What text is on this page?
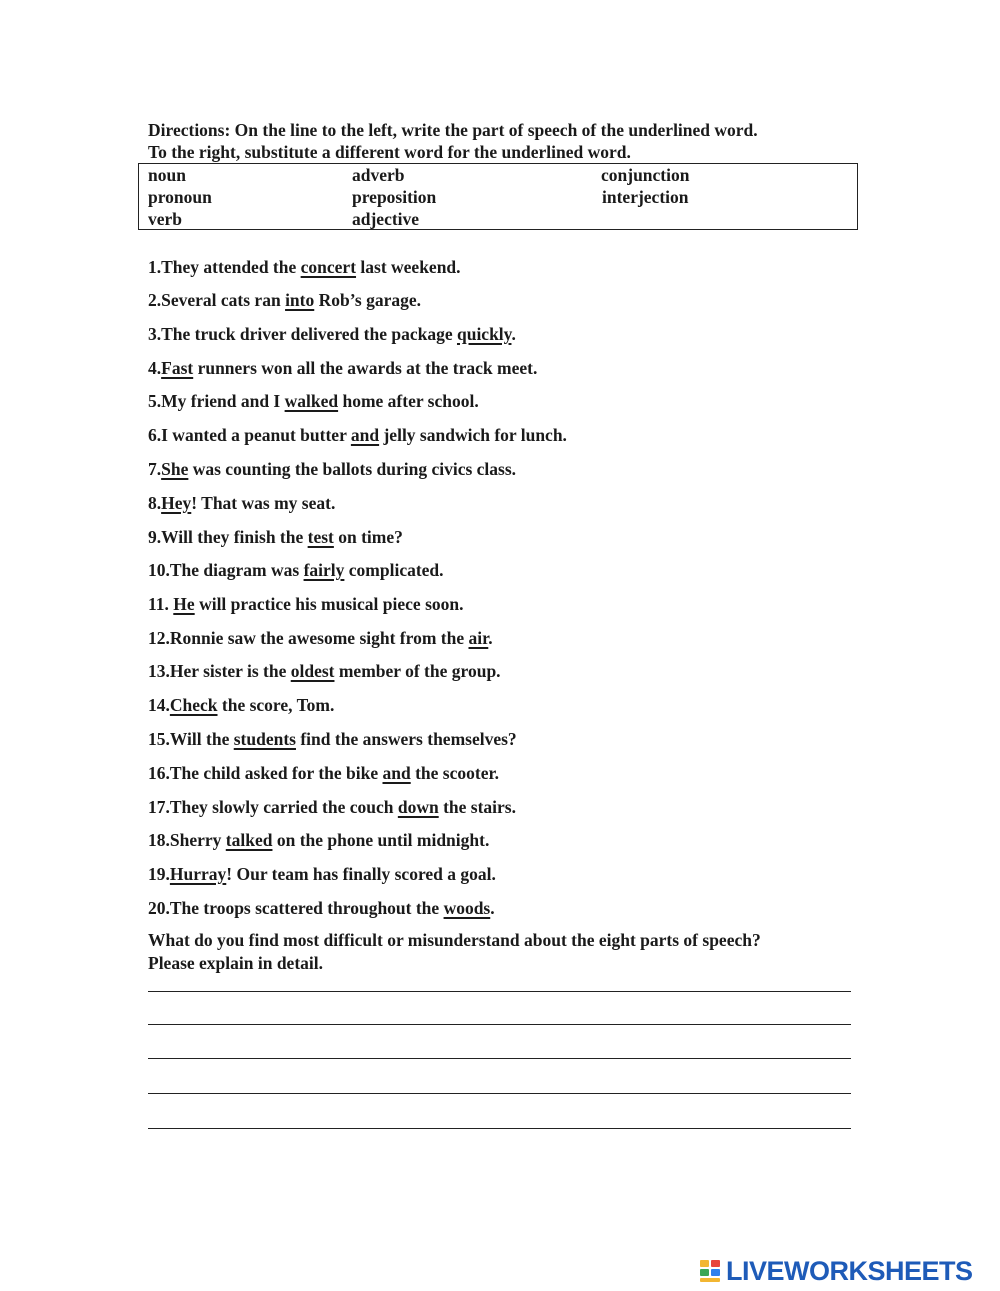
Directions: On the line to the left, write the part of speech of the underlined word.
To the right, substitute a different word for the underlined word.
noun	adverb	conjunction
pronoun	preposition	interjection
verb	adjective
1.They attended the concert last weekend.
2.Several cats ran into Rob’s garage.
3.The truck driver delivered the package quickly.
4.Fast runners won all the awards at the track meet.
5.My friend and I walked home after school.
6.I wanted a peanut butter and jelly sandwich for lunch.
7.She was counting the ballots during civics class.
8.Hey! That was my seat.
9.Will they finish the test on time?
10.The diagram was fairly complicated.
11. He will practice his musical piece soon.
12.Ronnie saw the awesome sight from the air.
13.Her sister is the oldest member of the group.
14.Check the score, Tom.
15.Will the students find the answers themselves?
16.The child asked for the bike and the scooter.
17.They slowly carried the couch down the stairs.
18.Sherry talked on the phone until midnight.
19.Hurray! Our team has finally scored a goal.
20.The troops scattered throughout the woods.
What do you find most difficult or misunderstand about the eight parts of speech?
Please explain in detail.
LIVEWORKSHEETS
